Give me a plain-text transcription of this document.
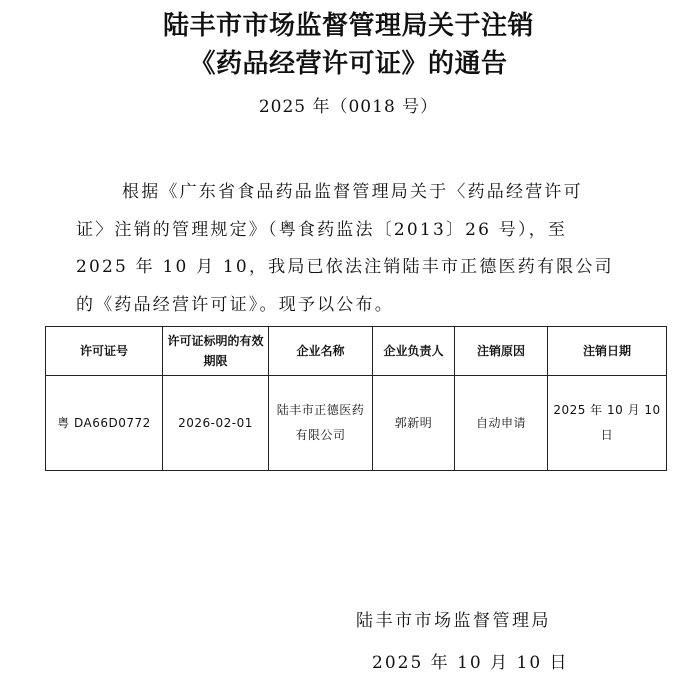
陆丰市市场监督管理局关于注销
《药品经营许可证》的通告
2025 年（0018 号）
根据《广东省食品药品监督管理局关于〈药品经营许可
证〉注销的管理规定》（粤食药监法〔2013〕26 号），至
2025 年 10 月 10，我局已依法注销陆丰市正德医药有限公司
的《药品经营许可证》。现予以公布。
许可证号	许可证标明的有效期限	企业名称	企业负责人	注销原因	注销日期
粤 DA66D0772	2026-02-01	陆丰市正德医药有限公司	郭新明	自动申请	2025 年 10 月 10 日
陆丰市市场监督管理局
2025 年 10 月 10 日
